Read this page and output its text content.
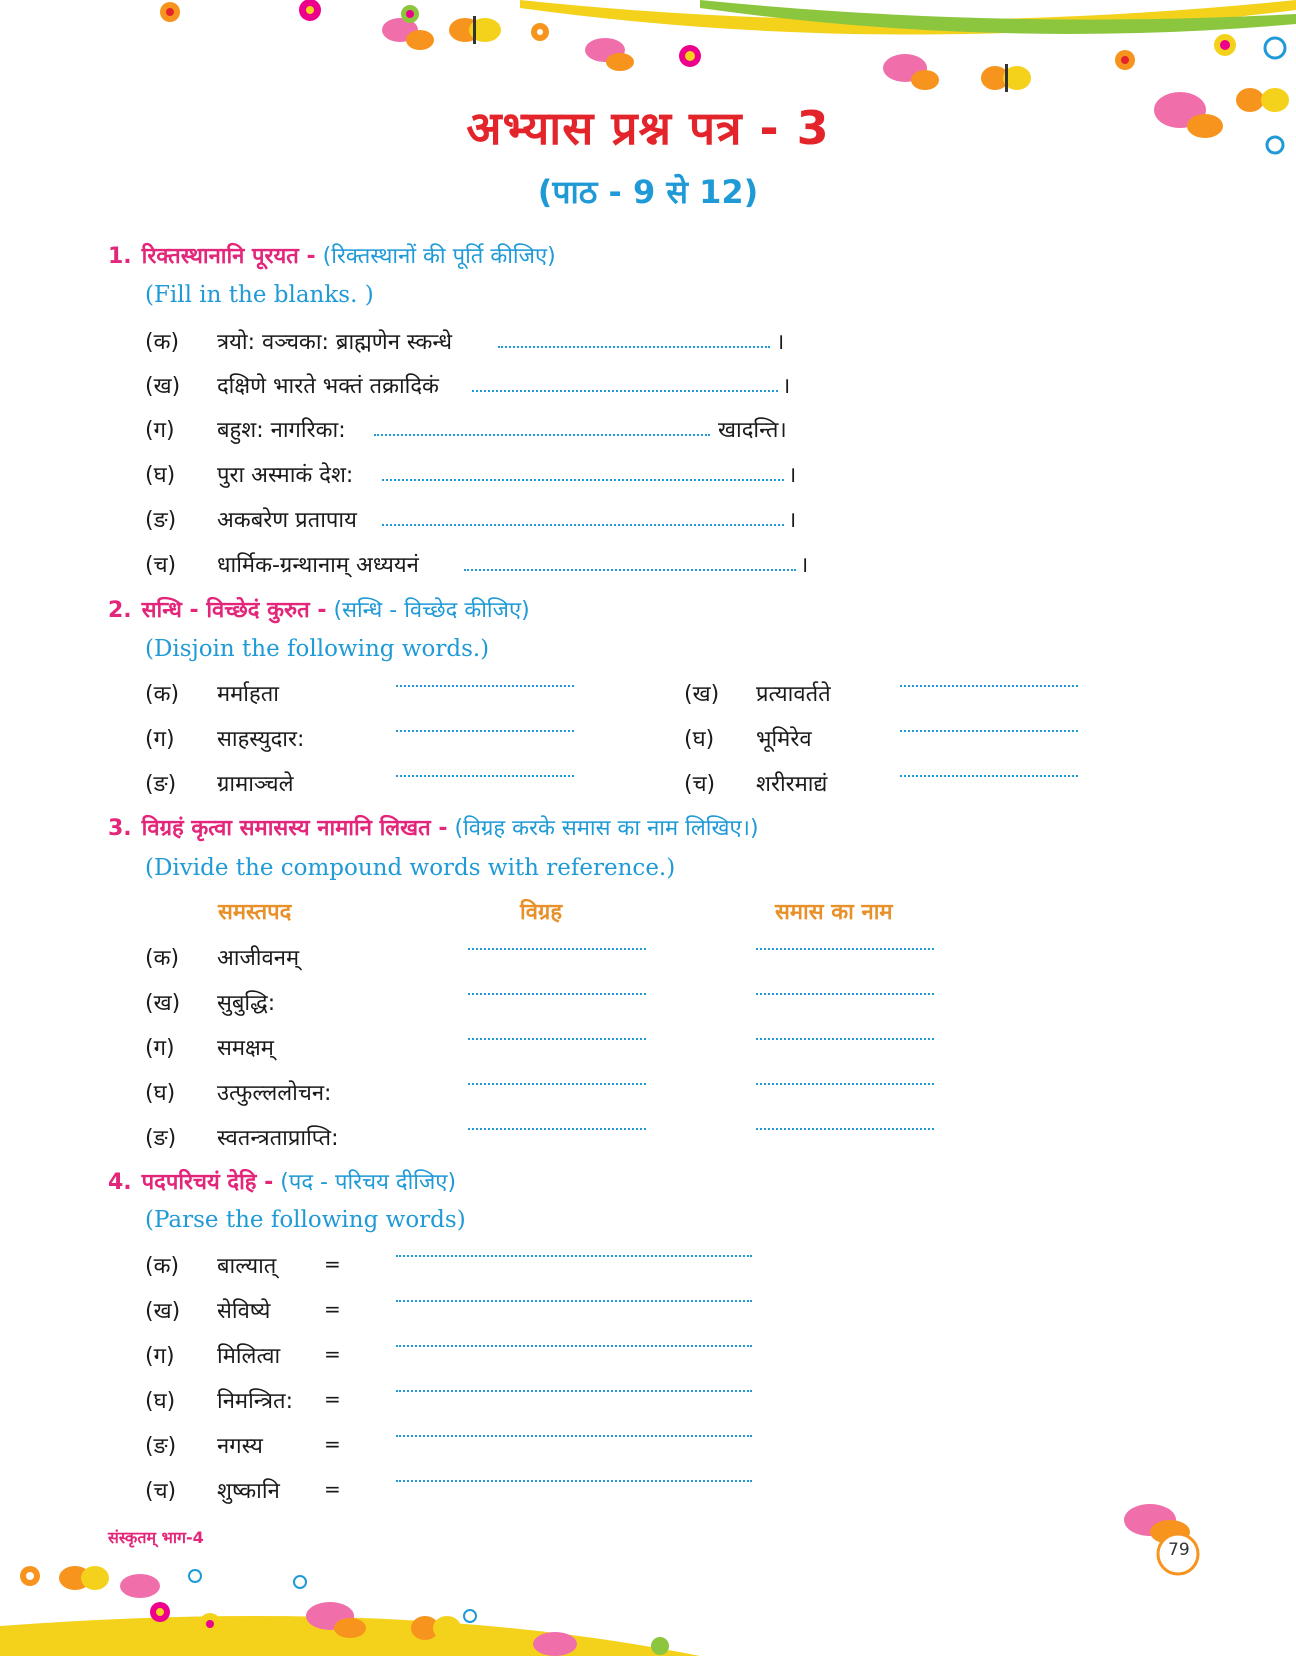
अभ्यास प्रश्न पत्र - 3
(पाठ - 9 से 12)
1. रिक्तस्थानानि पूरयत - (रिक्तस्थानों की पूर्ति कीजिए)
(Fill in the blanks. )
(क) त्रयो: वञ्चका: ब्राह्मणेन स्कन्धे	।
(ख) दक्षिणे भारते भक्तं तक्रादिकं	।
(ग) बहुश: नागरिका:	खादन्ति।
(घ) पुरा अस्माकं देश:	।
(ङ) अकबरेण प्रतापाय	।
(च) धार्मिक-ग्रन्थानाम् अध्ययनं	।
2. सन्धि - विच्छेदं कुरुत - (सन्धि - विच्छेद कीजिए)
(Disjoin the following words.)
(क) मर्माहता	(ख) प्रत्यावर्तते
(ग) साहस्युदार:	(घ) भूमिरेव
(ङ) ग्रामाञ्चले	(च) शरीरमाद्यं
3. विग्रहं कृत्वा समासस्य नामानि लिखत - (विग्रह करके समास का नाम लिखिए।)
(Divide the compound words with reference.)
समस्तपद	विग्रह	समास का नाम
(क) आजीवनम्
(ख) सुबुद्धि:
(ग) समक्षम्
(घ) उत्फुल्ललोचन:
(ङ) स्वतन्त्रताप्राप्ति:
4. पदपरिचयं देहि - (पद - परिचय दीजिए)
(Parse the following words)
(क) बाल्यात् =
(ख) सेविष्ये	=
(ग) मिलित्वा =
(घ) निमन्त्रित: =
(ङ) नगस्य	=
(च) शुष्कानि =
संस्कृतम् भाग-4
79
